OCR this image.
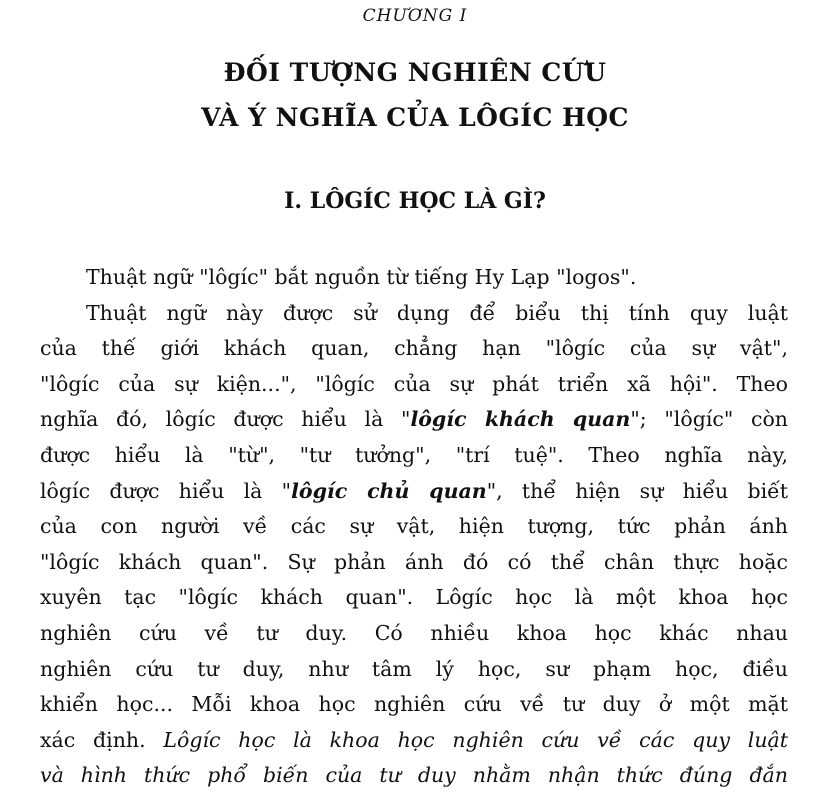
CHƯƠNG I
ĐỐI TƯỢNG NGHIÊN CỨU
VÀ Ý NGHĨA CỦA LÔGÍC HỌC
I. LÔGÍC HỌC LÀ GÌ?
Thuật ngữ "lôgíc" bắt nguồn từ tiếng Hy Lạp "logos".
Thuật ngữ này được sử dụng để biểu thị tính quy luật
của thế giới khách quan, chẳng hạn "lôgíc của sự vật",
"lôgíc của sự kiện...", "lôgíc của sự phát triển xã hội". Theo
nghĩa đó, lôgíc được hiểu là "lôgíc khách quan"; "lôgíc" còn
được hiểu là "từ", "tư tưởng", "trí tuệ". Theo nghĩa này,
lôgíc được hiểu là "lôgíc chủ quan", thể hiện sự hiểu biết
của con người về các sự vật, hiện tượng, tức phản ánh
"lôgíc khách quan". Sự phản ánh đó có thể chân thực hoặc
xuyên tạc "lôgíc khách quan". Lôgíc học là một khoa học
nghiên cứu về tư duy. Có nhiều khoa học khác nhau
nghiên cứu tư duy, như tâm lý học, sư phạm học, điều
khiển học... Mỗi khoa học nghiên cứu về tư duy ở một mặt
xác định. Lôgíc học là khoa học nghiên cứu về các quy luật
và hình thức phổ biến của tư duy nhằm nhận thức đúng đắn
